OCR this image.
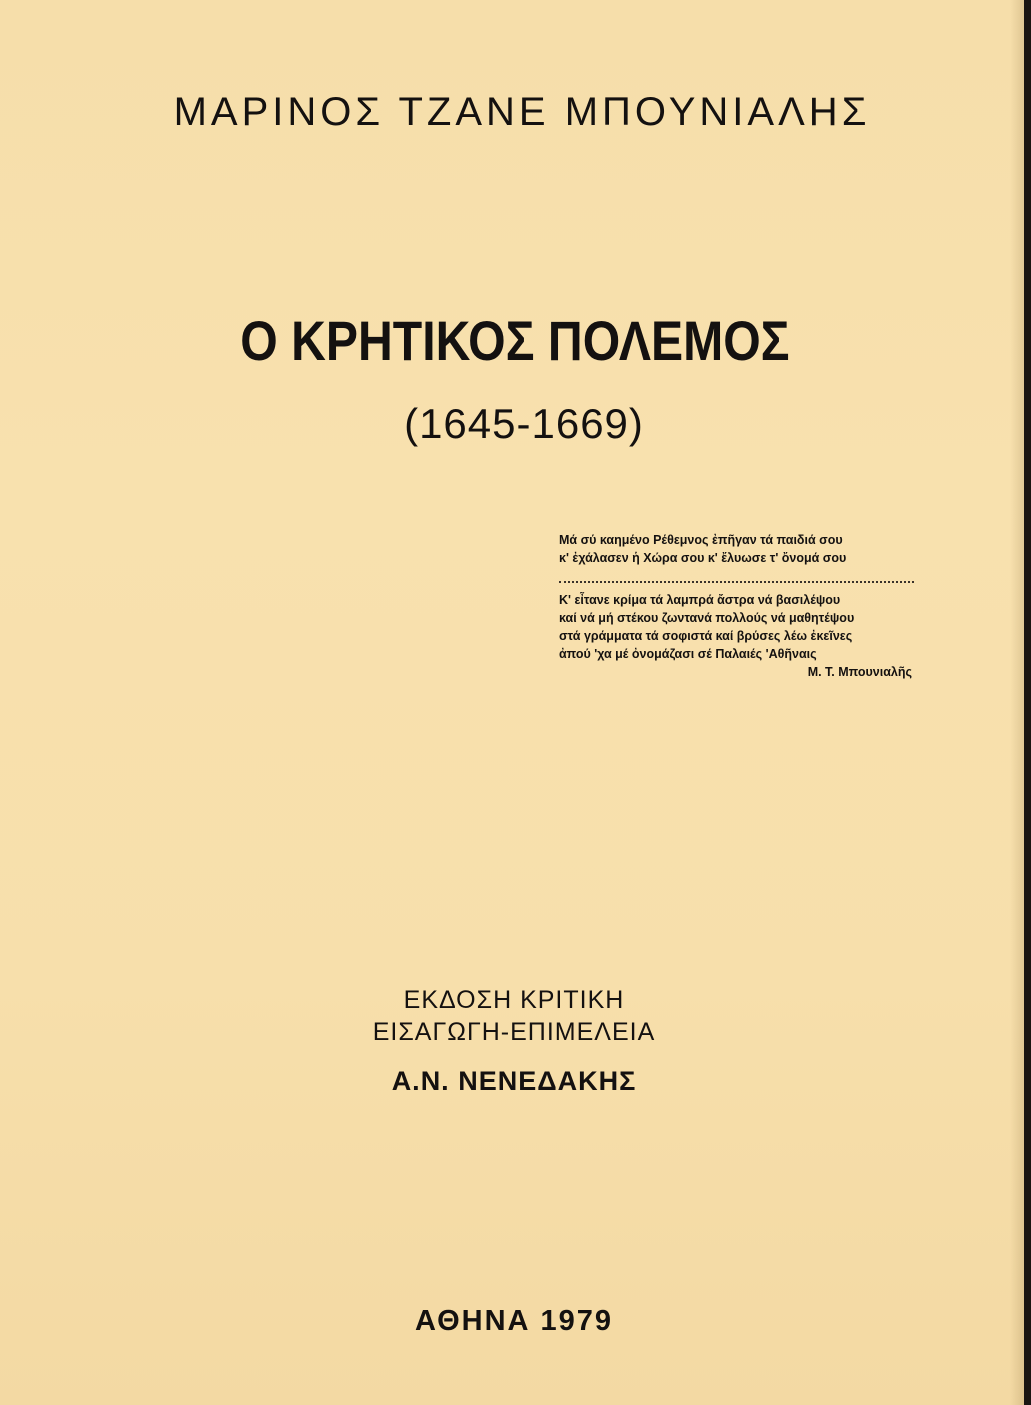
ΜΑΡΙΝΟΣ ΤΖΑΝΕ ΜΠΟΥΝΙΑΛΗΣ
Ο ΚΡΗΤΙΚΟΣ ΠΟΛΕΜΟΣ
(1645-1669)
Μά σύ καημένο Ρέθεμνος ἐπῆγαν τά παιδιά σου
κ' ἐχάλασεν ἡ Χώρα σου κ' ἔλυωσε τ' ὄνομά σου
Κ' εἶτανε κρίμα τά λαμπρά ἄστρα νά βασιλέψου
καί νά μή στέκου ζωντανά πολλούς νά μαθητέψου
στά γράμματα τά σοφιστά καί βρύσες λέω ἐκεῖνες
ἀπού 'χα μέ ὀνομάζασι σέ Παλαιές 'Αθῆναις
Μ. Τ. Μπουνιαλῆς
ΕΚΔΟΣΗ ΚΡΙΤΙΚΗ
ΕΙΣΑΓΩΓΗ-ΕΠΙΜΕΛΕΙΑ
Α.Ν. ΝΕΝΕΔΑΚΗΣ
ΑΘΗΝΑ 1979
